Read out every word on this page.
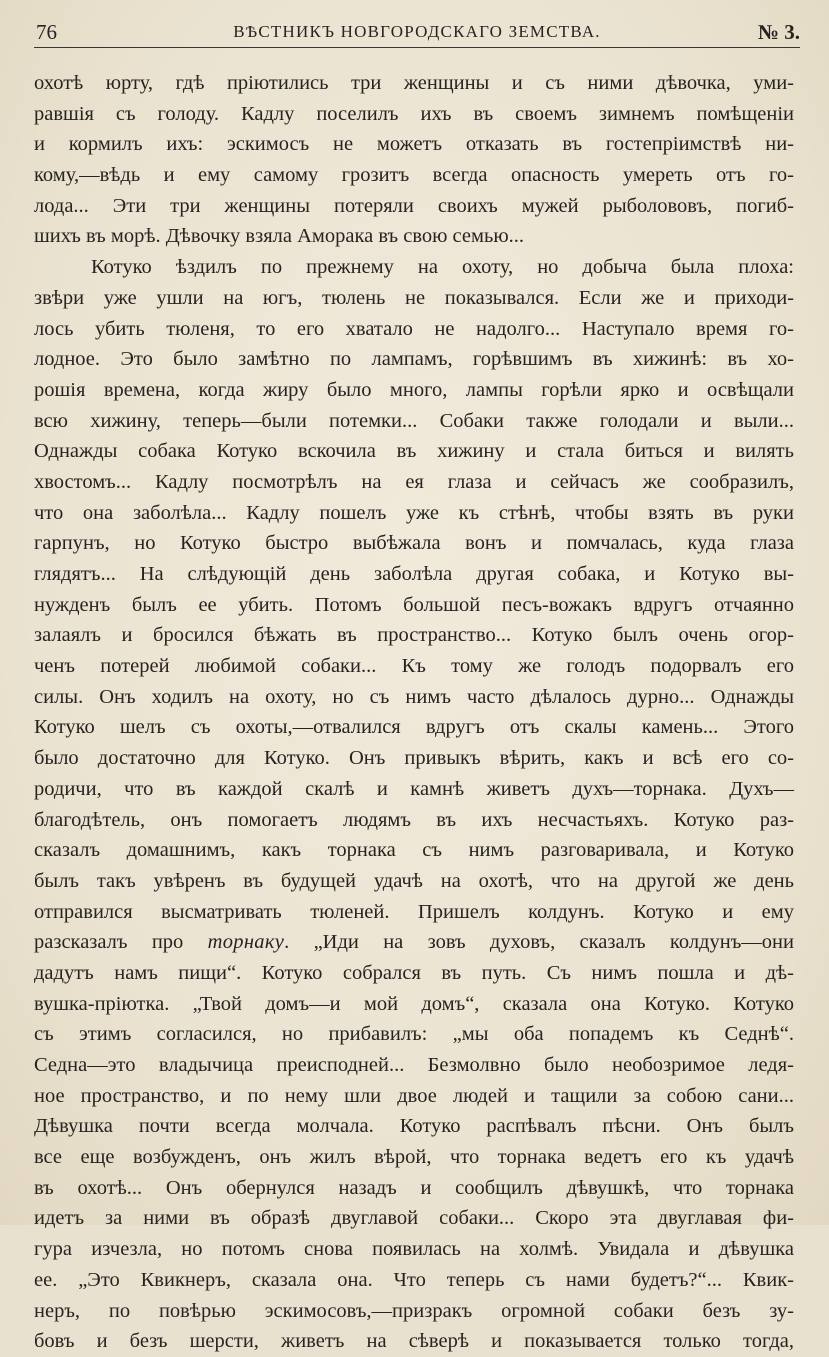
76	ВѢСТНИКЪ НОВГОРОДСКАГО ЗЕМСТВА.	№ 3.
охотѣ юрту, гдѣ пріютились три женщины и съ ними дѣвочка, уми-
равшія съ голоду. Кадлу поселилъ ихъ въ своемъ зимнемъ помѣщеніи
и кормилъ ихъ: эскимосъ не можетъ отказать въ гостепріимствѣ ни-
кому,—вѣдь и ему самому грозитъ всегда опасность умереть отъ го-
лода... Эти три женщины потеряли своихъ мужей рыболововъ, погиб-
шихъ въ морѣ. Дѣвочку взяла Аморака въ свою семью...
Котуко ѣздилъ по прежнему на охоту, но добыча была плоха:
звѣри уже ушли на югъ, тюлень не показывался. Если же и приходи-
лось убить тюленя, то его хватало не надолго... Наступало время го-
лодное. Это было замѣтно по лампамъ, горѣвшимъ въ хижинѣ: въ хо-
рошія времена, когда жиру было много, лампы горѣли ярко и освѣщали
всю хижину, теперь—были потемки... Собаки также голодали и выли...
Однажды собака Котуко вскочила въ хижину и стала биться и вилять
хвостомъ... Кадлу посмотрѣлъ на ея глаза и сейчасъ же сообразилъ,
что она заболѣла... Кадлу пошелъ уже къ стѣнѣ, чтобы взять въ руки
гарпунъ, но Котуко быстро выбѣжала вонъ и помчалась, куда глаза
глядятъ... На слѣдующій день заболѣла другая собака, и Котуко вы-
нужденъ былъ ее убить. Потомъ большой песъ-вожакъ вдругъ отчаянно
залаялъ и бросился бѣжать въ пространство... Котуко былъ очень огор-
ченъ потерей любимой собаки... Къ тому же голодъ подорвалъ его
силы. Онъ ходилъ на охоту, но съ нимъ часто дѣлалось дурно... Однажды
Котуко шелъ съ охоты,—отвалился вдругъ отъ скалы камень... Этого
было достаточно для Котуко. Онъ привыкъ вѣрить, какъ и всѣ его со-
родичи, что въ каждой скалѣ и камнѣ живетъ духъ—торнака. Духъ—
благодѣтель, онъ помогаетъ людямъ въ ихъ несчастьяхъ. Котуко раз-
сказалъ домашнимъ, какъ торнака съ нимъ разговаривала, и Котуко
былъ такъ увѣренъ въ будущей удачѣ на охотѣ, что на другой же день
отправился высматривать тюленей. Пришелъ колдунъ. Котуко и ему
разсказалъ про торнаку. „Иди на зовъ духовъ, сказалъ колдунъ—они
дадутъ намъ пищи“. Котуко собрался въ путь. Съ нимъ пошла и дѣ-
вушка-пріютка. „Твой домъ—и мой домъ“, сказала она Котуко. Котуко
съ этимъ согласился, но прибавилъ: „мы оба попадемъ къ Седнѣ“.
Седна—это владычица преисподней... Безмолвно было необозримое ледя-
ное пространство, и по нему шли двое людей и тащили за собою сани...
Дѣвушка почти всегда молчала. Котуко распѣвалъ пѣсни. Онъ былъ
все еще возбужденъ, онъ жилъ вѣрой, что торнака ведетъ его къ удачѣ
въ охотѣ... Онъ обернулся назадъ и сообщилъ дѣвушкѣ, что торнака
идетъ за ними въ образѣ двуглавой собаки... Скоро эта двуглавая фи-
гура изчезла, но потомъ снова появилась на холмѣ. Увидала и дѣвушка
ее. „Это Квикнеръ, сказала она. Что теперь съ нами будетъ?“... Квик-
неръ, по повѣрью эскимосовъ,—призракъ огромной собаки безъ зу-
бовъ и безъ шерсти, живетъ на сѣверѣ и показывается только тогда,
